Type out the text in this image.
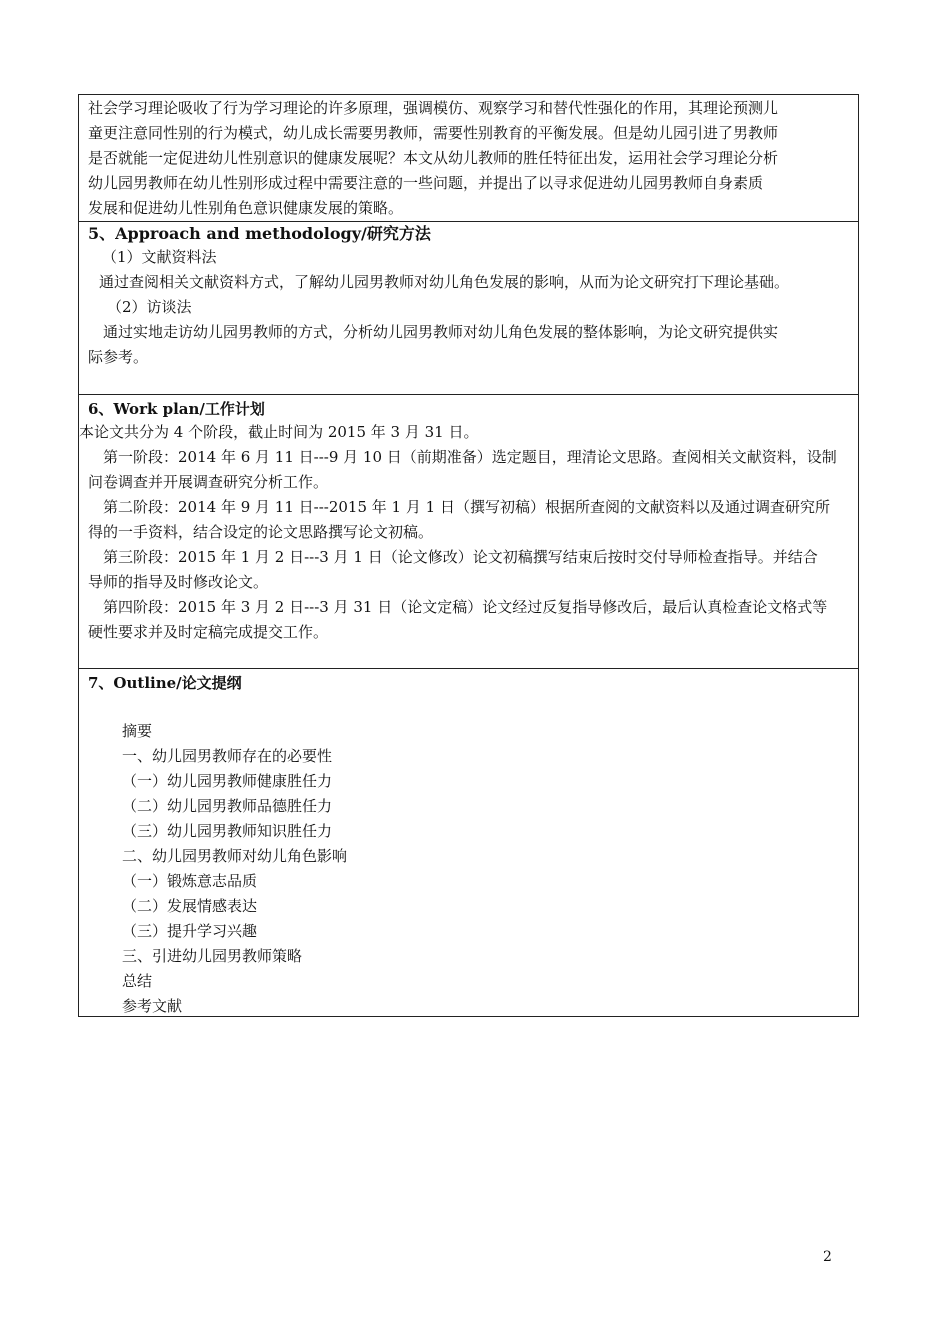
社会学习理论吸收了行为学习理论的许多原理，强调模仿、观察学习和替代性强化的作用，其理论预测儿

童更注意同性别的行为模式，幼儿成长需要男教师，需要性别教育的平衡发展。但是幼儿园引进了男教师

是否就能一定促进幼儿性别意识的健康发展呢？本文从幼儿教师的胜任特征出发，运用社会学习理论分析

幼儿园男教师在幼儿性别形成过程中需要注意的一些问题，并提出了以寻求促进幼儿园男教师自身素质

发展和促进幼儿性别角色意识健康发展的策略。

5、Approach and methodology/研究方法

（1）文献资料法

通过查阅相关文献资料方式，了解幼儿园男教师对幼儿角色发展的影响，从而为论文研究打下理论基础。

（2）访谈法

通过实地走访幼儿园男教师的方式，分析幼儿园男教师对幼儿角色发展的整体影响，为论文研究提供实

际参考。

6、Work plan/工作计划

本论文共分为 4 个阶段，截止时间为 2015 年 3 月 31 日。

第一阶段：2014 年 6 月 11 日---9 月 10 日（前期准备）选定题目，理清论文思路。查阅相关文献资料，设制

问卷调查并开展调查研究分析工作。

第二阶段：2014 年 9 月 11 日---2015 年 1 月 1 日（撰写初稿）根据所查阅的文献资料以及通过调查研究所

得的一手资料，结合设定的论文思路撰写论文初稿。

第三阶段：2015 年 1 月 2 日---3 月 1 日（论文修改）论文初稿撰写结束后按时交付导师检查指导。并结合

导师的指导及时修改论文。

第四阶段：2015 年 3 月 2 日---3 月 31 日（论文定稿）论文经过反复指导修改后，最后认真检查论文格式等

硬性要求并及时定稿完成提交工作。

7、Outline/论文提纲

摘要

一、幼儿园男教师存在的必要性

（一）幼儿园男教师健康胜任力

（二）幼儿园男教师品德胜任力

（三）幼儿园男教师知识胜任力

二、幼儿园男教师对幼儿角色影响

（一）锻炼意志品质

（二）发展情感表达

（三）提升学习兴趣

三、引进幼儿园男教师策略

总结

参考文献

2
